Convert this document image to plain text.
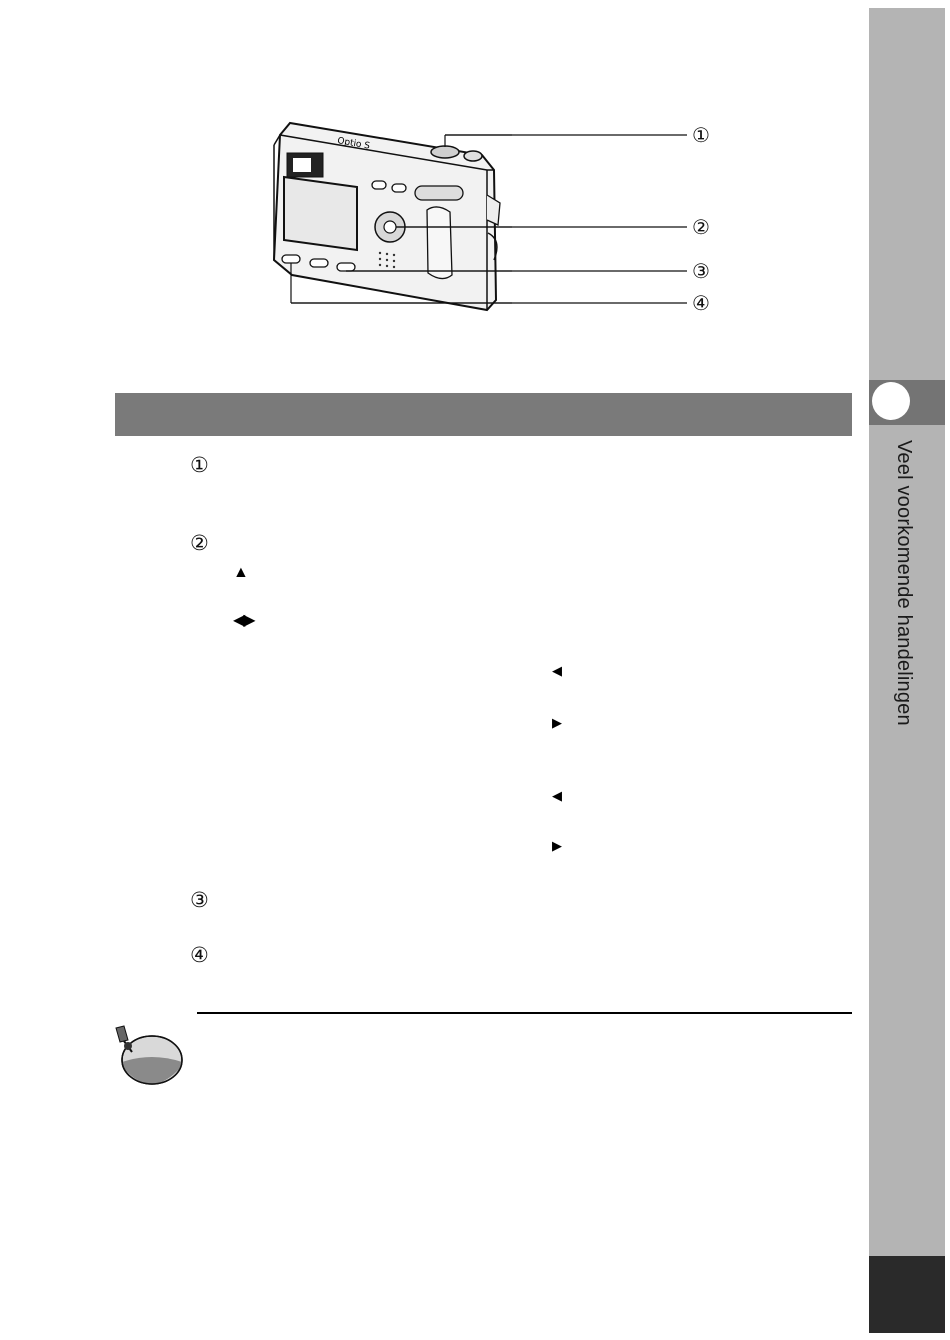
Veel voorkomende handelingen
Optio S	①
②
③
④
①
②
▲
◀▶
◀
▶
◀
▶
③
④
